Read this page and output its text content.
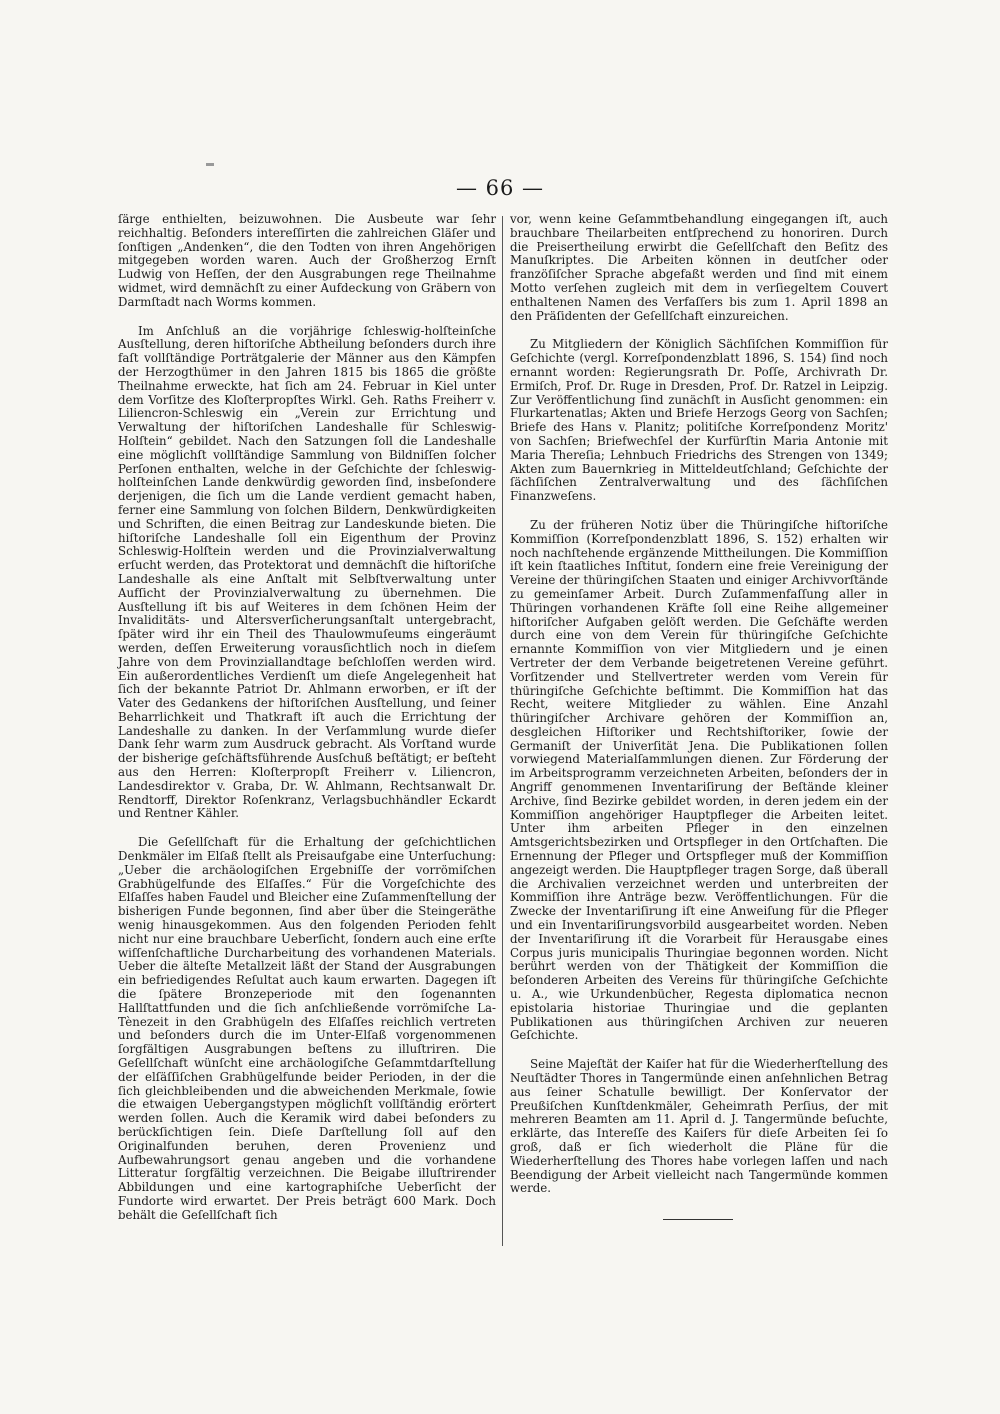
— 66 —

ſärge enthielten, beizuwohnen. Die Ausbeute war ſehr reichhaltig. Beſonders intereſſirten die zahlreichen Gläſer und ſonſtigen „Andenken“, die den Todten von ihren Angehörigen mitgegeben worden waren. Auch der Großherzog Ernſt Ludwig von Heſſen, der den Ausgrabungen rege Theilnahme widmet, wird demnächſt zu einer Aufdeckung von Gräbern von Darmſtadt nach Worms kommen.

Im Anſchluß an die vorjährige ſchleswig-holſteinſche Ausſtellung, deren hiſtoriſche Abtheilung beſonders durch ihre faſt vollſtändige Porträtgalerie der Männer aus den Kämpfen der Herzogthümer in den Jahren 1815 bis 1865 die größte Theilnahme erweckte, hat ſich am 24. Februar in Kiel unter dem Vorſitze des Kloſterpropſtes Wirkl. Geh. Raths Freiherr v. Liliencron-Schleswig ein „Verein zur Errichtung und Verwaltung der hiſtoriſchen Landeshalle für Schleswig-Holſtein“ gebildet. Nach den Satzungen ſoll die Landeshalle eine möglichſt vollſtändige Sammlung von Bildniſſen ſolcher Perſonen enthalten, welche in der Geſchichte der ſchleswig-holſteinſchen Lande denkwürdig geworden ſind, insbeſondere derjenigen, die ſich um die Lande verdient gemacht haben, ferner eine Sammlung von ſolchen Bildern, Denkwürdigkeiten und Schriften, die einen Beitrag zur Landeskunde bieten. Die hiſtoriſche Landeshalle ſoll ein Eigenthum der Provinz Schleswig-Holſtein werden und die Provinzialverwaltung erſucht werden, das Protektorat und demnächſt die hiſtoriſche Landeshalle als eine Anſtalt mit Selbſtverwaltung unter Aufſicht der Provinzialverwaltung zu übernehmen. Die Ausſtellung iſt bis auf Weiteres in dem ſchönen Heim der Invaliditäts- und Altersverſicherungsanſtalt untergebracht, ſpäter wird ihr ein Theil des Thaulowmuſeums eingeräumt werden, deſſen Erweiterung vorausſichtlich noch in dieſem Jahre von dem Provinziallandtage beſchloſſen werden wird. Ein außerordentliches Verdienſt um dieſe Angelegenheit hat ſich der bekannte Patriot Dr. Ahlmann erworben, er iſt der Vater des Gedankens der hiſtoriſchen Ausſtellung, und ſeiner Beharrlichkeit und Thatkraft iſt auch die Errichtung der Landeshalle zu danken. In der Verſammlung wurde dieſer Dank ſehr warm zum Ausdruck gebracht. Als Vorſtand wurde der bisherige geſchäftsführende Ausſchuß beſtätigt; er beſteht aus den Herren: Kloſterpropſt Freiherr v. Liliencron, Landesdirektor v. Graba, Dr. W. Ahlmann, Rechtsanwalt Dr. Rendtorff, Direktor Roſenkranz, Verlagsbuchhändler Eckardt und Rentner Kähler.

Die Geſellſchaft für die Erhaltung der geſchichtlichen Denkmäler im Elſaß ſtellt als Preisaufgabe eine Unterſuchung: „Ueber die archäologiſchen Ergebniſſe der vorrömiſchen Grabhügelfunde des Elſaſſes.“ Für die Vorgeſchichte des Elſaſſes haben Faudel und Bleicher eine Zuſammenſtellung der bisherigen Funde begonnen, ſind aber über die Steingeräthe wenig hinausgekommen. Aus den folgenden Perioden fehlt nicht nur eine brauchbare Ueberſicht, ſondern auch eine erſte wiſſenſchaftliche Durcharbeitung des vorhandenen Materials. Ueber die älteſte Metallzeit läßt der Stand der Ausgrabungen ein befriedigendes Reſultat auch kaum erwarten. Dagegen iſt die ſpätere Bronzeperiode mit den ſogenannten Hallſtattfunden und die ſich anſchließende vorrömiſche La-Tènezeit in den Grabhügeln des Elſaſſes reichlich vertreten und beſonders durch die im Unter-Elſaß vorgenommenen ſorgfältigen Ausgrabungen beſtens zu illuſtriren. Die Geſellſchaft wünſcht eine archäologiſche Geſammtdarſtellung der elſäſſiſchen Grabhügelfunde beider Perioden, in der die ſich gleichbleibenden und die abweichenden Merkmale, ſowie die etwaigen Uebergangstypen möglichſt vollſtändig erörtert werden ſollen. Auch die Keramik wird dabei beſonders zu berückſichtigen ſein. Dieſe Darſtellung ſoll auf den Originalfunden beruhen, deren Provenienz und Aufbewahrungsort genau angeben und die vorhandene Litteratur ſorgfältig verzeichnen. Die Beigabe illuſtrirender Abbildungen und eine kartographiſche Ueberſicht der Fundorte wird erwartet. Der Preis beträgt 600 Mark. Doch behält die Geſellſchaft ſich

vor, wenn keine Geſammtbehandlung eingegangen iſt, auch brauchbare Theilarbeiten entſprechend zu honoriren. Durch die Preisertheilung erwirbt die Geſellſchaft den Beſitz des Manuſkriptes. Die Arbeiten können in deutſcher oder franzöſiſcher Sprache abgefaßt werden und ſind mit einem Motto verſehen zugleich mit dem in verſiegeltem Couvert enthaltenen Namen des Verfaſſers bis zum 1. April 1898 an den Präſidenten der Geſellſchaft einzureichen.

Zu Mitgliedern der Königlich Sächſiſchen Kommiſſion für Geſchichte (vergl. Korreſpondenzblatt 1896, S. 154) ſind noch ernannt worden: Regierungsrath Dr. Poſſe, Archivrath Dr. Ermiſch, Prof. Dr. Ruge in Dresden, Prof. Dr. Ratzel in Leipzig. Zur Veröffentlichung ſind zunächſt in Ausſicht genommen: ein Flurkartenatlas; Akten und Briefe Herzogs Georg von Sachſen; Briefe des Hans v. Planitz; politiſche Korreſpondenz Moritz' von Sachſen; Briefwechſel der Kurfürſtin Maria Antonie mit Maria Thereſia; Lehnbuch Friedrichs des Strengen von 1349; Akten zum Bauernkrieg in Mitteldeutſchland; Geſchichte der ſächſiſchen Zentralverwaltung und des ſächſiſchen Finanzweſens.

Zu der früheren Notiz über die Thüringiſche hiſtoriſche Kommiſſion (Korreſpondenzblatt 1896, S. 152) erhalten wir noch nachſtehende ergänzende Mittheilungen. Die Kommiſſion iſt kein ſtaatliches Inſtitut, ſondern eine freie Vereinigung der Vereine der thüringiſchen Staaten und einiger Archivvorſtände zu gemeinſamer Arbeit. Durch Zuſammenfaſſung aller in Thüringen vorhandenen Kräfte ſoll eine Reihe allgemeiner hiſtoriſcher Aufgaben gelöſt werden. Die Geſchäfte werden durch eine von dem Verein für thüringiſche Geſchichte ernannte Kommiſſion von vier Mitgliedern und je einen Vertreter der dem Verbande beigetretenen Vereine geführt. Vorſitzender und Stellvertreter werden vom Verein für thüringiſche Geſchichte beſtimmt. Die Kommiſſion hat das Recht, weitere Mitglieder zu wählen. Eine Anzahl thüringiſcher Archivare gehören der Kommiſſion an, desgleichen Hiſtoriker und Rechtshiſtoriker, ſowie der Germaniſt der Univerſität Jena. Die Publikationen ſollen vorwiegend Materialſammlungen dienen. Zur Förderung der im Arbeitsprogramm verzeichneten Arbeiten, beſonders der in Angriff genommenen Inventariſirung der Beſtände kleiner Archive, ſind Bezirke gebildet worden, in deren jedem ein der Kommiſſion angehöriger Hauptpfleger die Arbeiten leitet. Unter ihm arbeiten Pfleger in den einzelnen Amtsgerichtsbezirken und Ortspfleger in den Ortſchaften. Die Ernennung der Pfleger und Ortspfleger muß der Kommiſſion angezeigt werden. Die Hauptpfleger tragen Sorge, daß überall die Archivalien verzeichnet werden und unterbreiten der Kommiſſion ihre Anträge bezw. Veröffentlichungen. Für die Zwecke der Inventariſirung iſt eine Anweiſung für die Pfleger und ein Inventariſirungsvorbild ausgearbeitet worden. Neben der Inventariſirung iſt die Vorarbeit für Herausgabe eines Corpus juris municipalis Thuringiae begonnen worden. Nicht berührt werden von der Thätigkeit der Kommiſſion die beſonderen Arbeiten des Vereins für thüringiſche Geſchichte u. A., wie Urkundenbücher, Regesta diplomatica necnon epistolaria historiae Thuringiae und die geplanten Publikationen aus thüringiſchen Archiven zur neueren Geſchichte.

Seine Majeſtät der Kaiſer hat für die Wiederherſtellung des Neuſtädter Thores in Tangermünde einen anſehnlichen Betrag aus ſeiner Schatulle bewilligt. Der Konſervator der Preußiſchen Kunſtdenkmäler, Geheimrath Perſius, der mit mehreren Beamten am 11. April d. J. Tangermünde beſuchte, erklärte, das Intereſſe des Kaiſers für dieſe Arbeiten ſei ſo groß, daß er ſich wiederholt die Pläne für die Wiederherſtellung des Thores habe vorlegen laſſen und nach Beendigung der Arbeit vielleicht nach Tangermünde kommen werde.
